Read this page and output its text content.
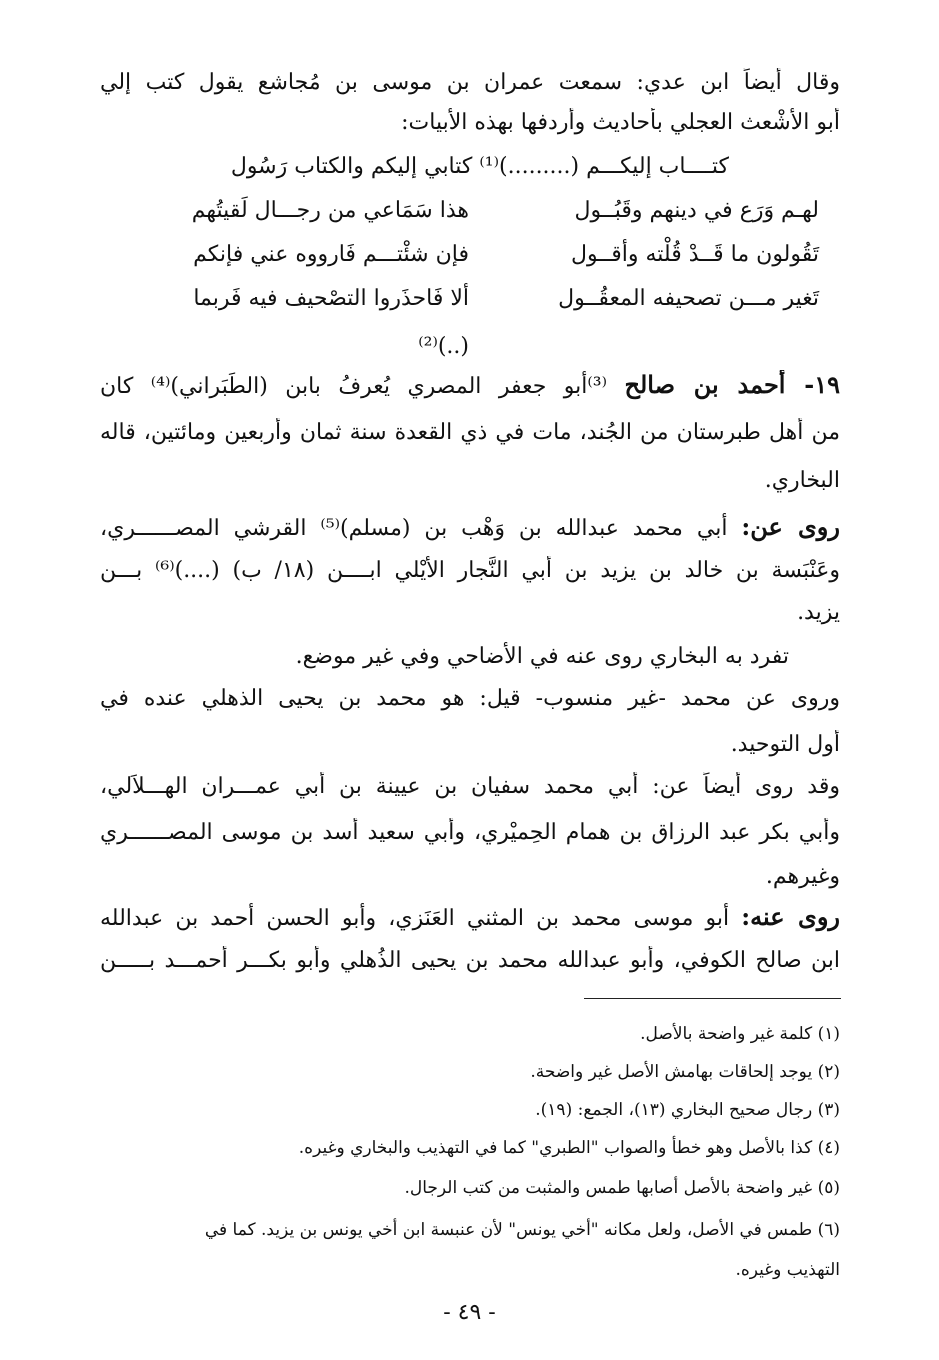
وقال أيضاً ابن عدي: سمعت عمران بن موسى بن مُجاشع يقول كتب إلي
أبو الأشْعث العجلي بأحاديث وأردفها بهذه الأبيات:
كتــــاب إليكـــم (.........)⁽¹⁾ كتابي إليكم والكتاب رَسُول
هذا سَمَاعي من رجـــال لَقيتُهم	لهـم وَرَع في دينهم وقَبُــول
فإن شئْتـــم فَارووه عني فإنكم	تَقُولون ما قَــدْ قُلْته وأقــول
ألا فَاحذَروا التصْحيف فيه فَربما	تَغير مـــن تصحيفه المعقُــول
(..)⁽²⁾
١٩- أحمد بن صالح ⁽³⁾أبو جعفر المصري يُعرفُ بابن (الطَبَراني)⁽⁴⁾ كان
من أهل طبرستان من الجُند، مات في ذي القعدة سنة ثمان وأربعين ومائتين، قاله
البخاري.
روى عن: أبي محمد عبدالله بن وَهْب بن (مسلم)⁽⁵⁾ القرشي المصــــــري،
وعَنْبَسة بن خالد بن يزيد بن أبي النَّجار الأَيْلي ابــــن (١٨/ ب) (....)⁽⁶⁾ بـــن
يزيد.
تفرد به البخاري روى عنه في الأضاحي وفي غير موضع.
وروى عن محمد -غير منسوب- قيل: هو محمد بن يحيى الذهلي عنده في
أول التوحيد.
وقد روى أيضاً عن: أبي محمد سفيان بن عيينة بن أبي عمـــران الهـــلاَلي،
وأبي بكر عبد الرزاق بن همام الحِميْري، وأبي سعيد أسد بن موسى المصــــــري
وغيرهم.
روى عنه: أبو موسى محمد بن المثني العَنَزي، وأبو الحسن أحمد بن عبدالله
ابن صالح الكوفي، وأبو عبدالله محمد بن يحيى الذُهلي وأبو بكـــر أحمـــد بـــــن
(١) كلمة غير واضحة بالأصل.
(٢) يوجد إلحاقات بهامش الأصل غير واضحة.
(٣) رجال صحيح البخاري (١٣)، الجمع: (١٩).
(٤) كذا بالأصل وهو خطأ والصواب "الطبري" كما في التهذيب والبخاري وغيره.
(٥) غير واضحة بالأصل أصابها طمس والمثبت من كتب الرجال.
(٦) طمس في الأصل، ولعل مكانه "أخي يونس" لأن عنبسة ابن أخي يونس بن يزيد. كما في
التهذيب وغيره.
- ٤٩ -
